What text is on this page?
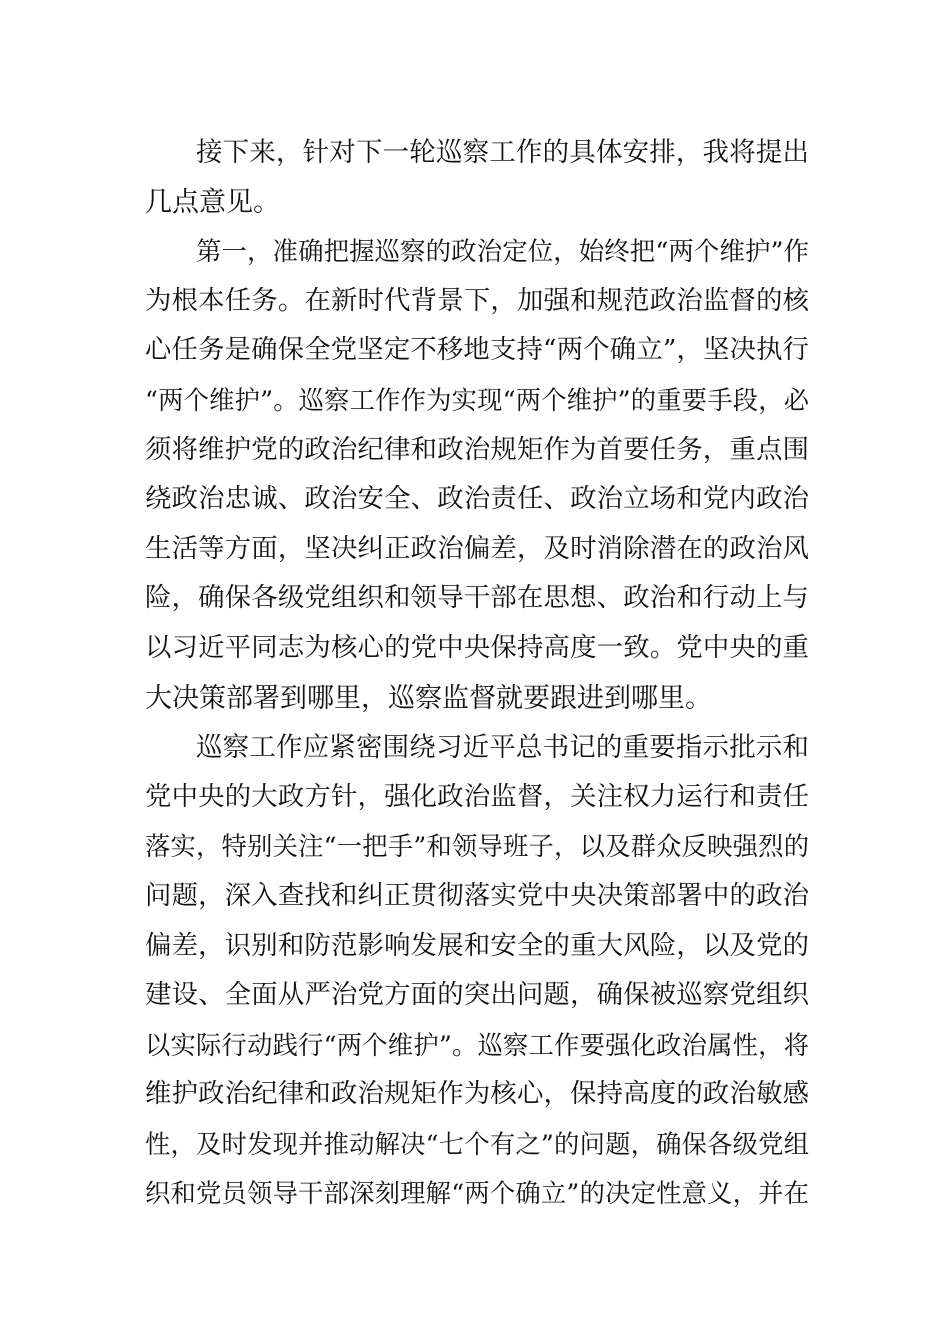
接下来，针对下一轮巡察工作的具体安排，我将提出
几点意见。
第一，准确把握巡察的政治定位，始终把“两个维护”作
为根本任务。在新时代背景下，加强和规范政治监督的核
心任务是确保全党坚定不移地支持“两个确立”，坚决执行
“两个维护”。巡察工作作为实现“两个维护”的重要手段，必
须将维护党的政治纪律和政治规矩作为首要任务，重点围
绕政治忠诚、政治安全、政治责任、政治立场和党内政治
生活等方面，坚决纠正政治偏差，及时消除潜在的政治风
险，确保各级党组织和领导干部在思想、政治和行动上与
以习近平同志为核心的党中央保持高度一致。党中央的重
大决策部署到哪里，巡察监督就要跟进到哪里。
巡察工作应紧密围绕习近平总书记的重要指示批示和
党中央的大政方针，强化政治监督，关注权力运行和责任
落实，特别关注“一把手”和领导班子，以及群众反映强烈的
问题，深入查找和纠正贯彻落实党中央决策部署中的政治
偏差，识别和防范影响发展和安全的重大风险，以及党的
建设、全面从严治党方面的突出问题，确保被巡察党组织
以实际行动践行“两个维护”。巡察工作要强化政治属性，将
维护政治纪律和政治规矩作为核心，保持高度的政治敏感
性，及时发现并推动解决“七个有之”的问题，确保各级党组
织和党员领导干部深刻理解“两个确立”的决定性意义，并在
